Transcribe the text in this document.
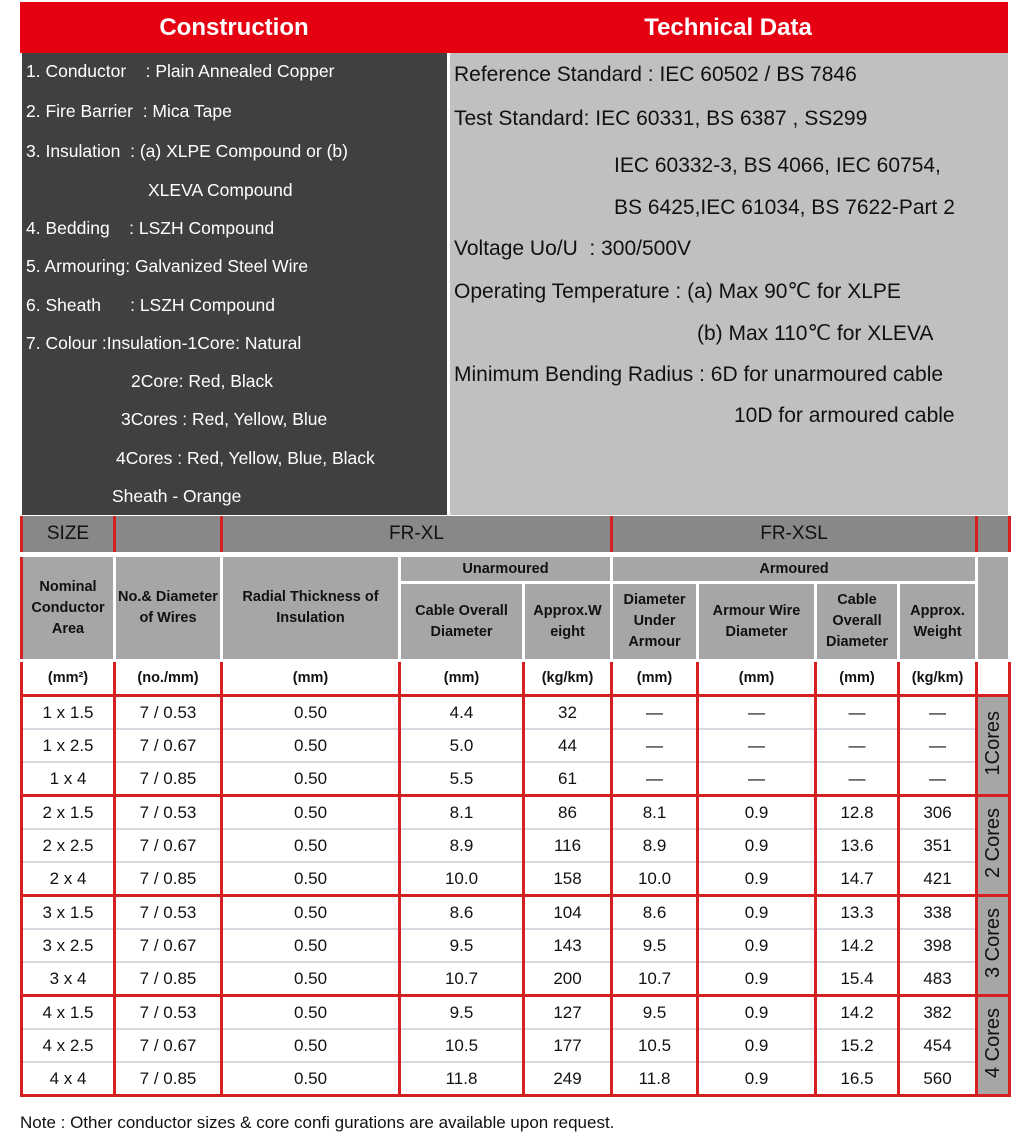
Construction	Technical Data
1. Conductor    : Plain Annealed Copper
2. Fire Barrier  : Mica Tape
3. Insulation  : (a) XLPE Compound or (b)
XLEVA Compound
4. Bedding    : LSZH Compound
5. Armouring: Galvanized Steel Wire
6. Sheath      : LSZH Compound
7. Colour :Insulation-1Core: Natural
2Core: Red, Black
3Cores : Red, Yellow, Blue
4Cores : Red, Yellow, Blue, Black
Sheath - Orange
Reference Standard : IEC 60502 / BS 7846
Test Standard: IEC 60331, BS 6387 , SS299
IEC 60332-3, BS 4066, IEC 60754,
BS 6425,IEC 61034, BS 7622-Part 2
Voltage Uo/U  : 300/500V
Operating Temperature : (a) Max 90℃ for XLPE
(b) Max 110℃ for XLEVA
Minimum Bending Radius : 6D for unarmoured cable
10D for armoured cable
SIZE		FR-XL			FR-XSL				
Nominal Conductor Area	No.& Diameter of Wires	Radial Thickness of Insulation	Unarmoured		Armoured				
			Cable Overall Diameter	Approx.W eight	Diameter Under Armour	Armour Wire Diameter	Cable Overall Diameter	Approx. Weight	
(mm²)	(no./mm)	(mm)	(mm)	(kg/km)	(mm)	(mm)	(mm)	(kg/km)	
1 x 1.5	7 / 0.53	0.50	4.4	32	—	—	—	—	1Cores
1 x 2.5	7 / 0.67	0.50	5.0	44	—	—	—	—	
1 x 4	7 / 0.85	0.50	5.5	61	—	—	—	—	
2 x 1.5	7 / 0.53	0.50	8.1	86	8.1	0.9	12.8	306	2 Cores
2 x 2.5	7 / 0.67	0.50	8.9	116	8.9	0.9	13.6	351	
2 x 4	7 / 0.85	0.50	10.0	158	10.0	0.9	14.7	421	
3 x 1.5	7 / 0.53	0.50	8.6	104	8.6	0.9	13.3	338	3 Cores
3 x 2.5	7 / 0.67	0.50	9.5	143	9.5	0.9	14.2	398	
3 x 4	7 / 0.85	0.50	10.7	200	10.7	0.9	15.4	483	
4 x 1.5	7 / 0.53	0.50	9.5	127	9.5	0.9	14.2	382	4 Cores
4 x 2.5	7 / 0.67	0.50	10.5	177	10.5	0.9	15.2	454	
4 x 4	7 / 0.85	0.50	11.8	249	11.8	0.9	16.5	560	
Note : Other conductor sizes & core confi gurations are available upon request.
